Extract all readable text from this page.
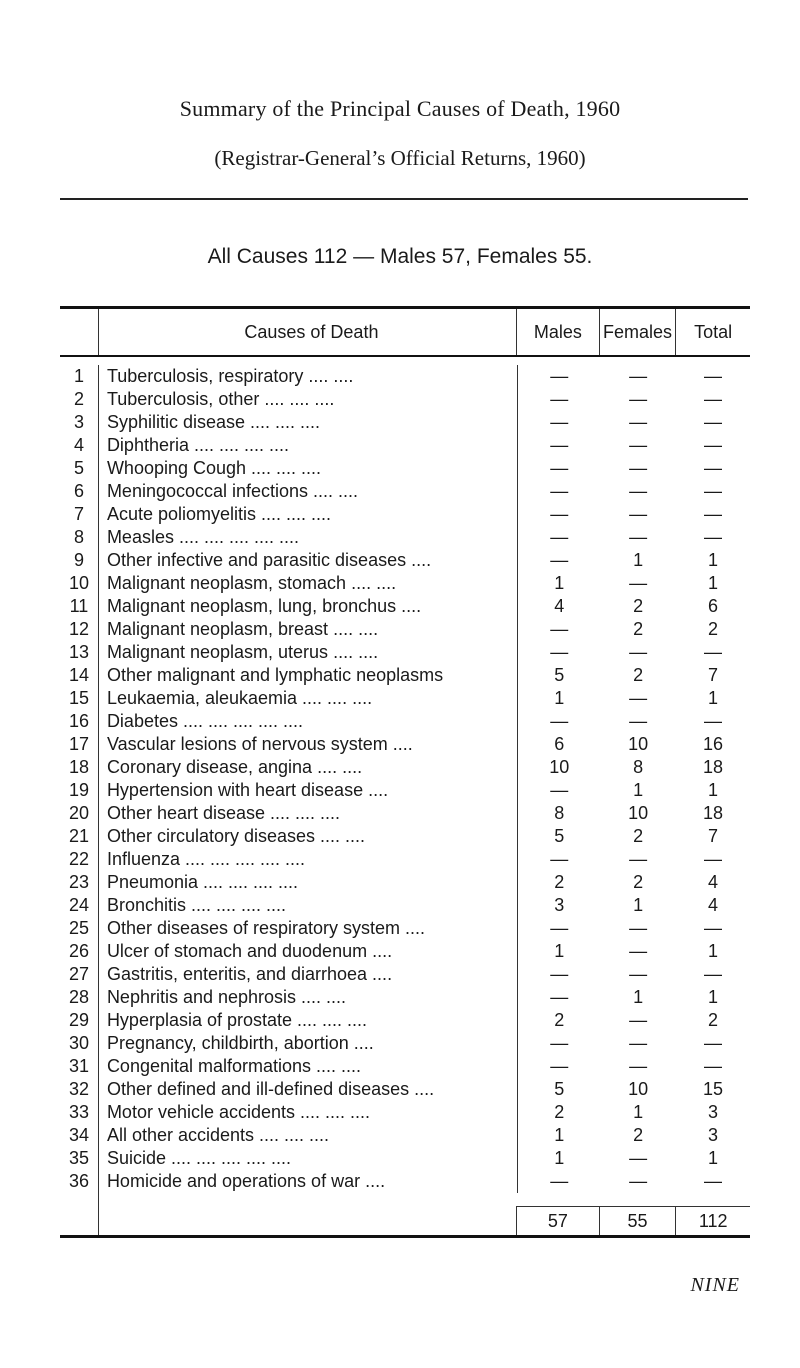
Summary of the Principal Causes of Death, 1960
(Registrar-General’s Official Returns, 1960)
All Causes 112 — Males 57, Females 55.
Causes of Death	Males	Females	Total
1	Tuberculosis, respiratory .... ....	—	—	—
2	Tuberculosis, other .... .... ....	—	—	—
3	Syphilitic disease .... .... ....	—	—	—
4	Diphtheria .... .... .... ....	—	—	—
5	Whooping Cough .... .... ....	—	—	—
6	Meningococcal infections .... ....	—	—	—
7	Acute poliomyelitis .... .... ....	—	—	—
8	Measles .... .... .... .... ....	—	—	—
9	Other infective and parasitic diseases ....	—	1	1
10 Malignant neoplasm, stomach .... ....	1	—	1
11	Malignant neoplasm, lung, bronchus ....	4	2	6
12 Malignant neoplasm, breast .... ....	—	2	2
13 Malignant neoplasm, uterus .... ....	—	—	—
14 Other malignant and lymphatic neoplasms	5	2	7
15 Leukaemia, aleukaemia .... .... ....	1	—	1
16 Diabetes .... .... .... .... ....	—	—	—
17 Vascular lesions of nervous system ....	6	10	16
18 Coronary disease, angina .... ....	10	8	18
19 Hypertension with heart disease ....	—	1	1
20 Other heart disease .... .... ....	8	10	18
21 Other circulatory diseases .... ....	5	2	7
22 Influenza .... .... .... .... ....	—	—	—
23 Pneumonia .... .... .... ....	2	2	4
24 Bronchitis .... .... .... ....	3	1	4
25 Other diseases of respiratory system ....	—	—	—
26 Ulcer of stomach and duodenum ....	1	—	1
27 Gastritis, enteritis, and diarrhoea ....	—	—	—
28 Nephritis and nephrosis .... ....	—	1	1
29 Hyperplasia of prostate .... .... ....	2	—	2
30 Pregnancy, childbirth, abortion ....	—	—	—
31 Congenital malformations .... ....	—	—	—
32 Other defined and ill-defined diseases ....	5	10	15
33 Motor vehicle accidents .... .... ....	2	1	3
34 All other accidents .... .... ....	1	2	3
35 Suicide .... .... .... .... ....	1	—	1
36 Homicide and operations of war ....	—	—	—
57	55	112
NINE
